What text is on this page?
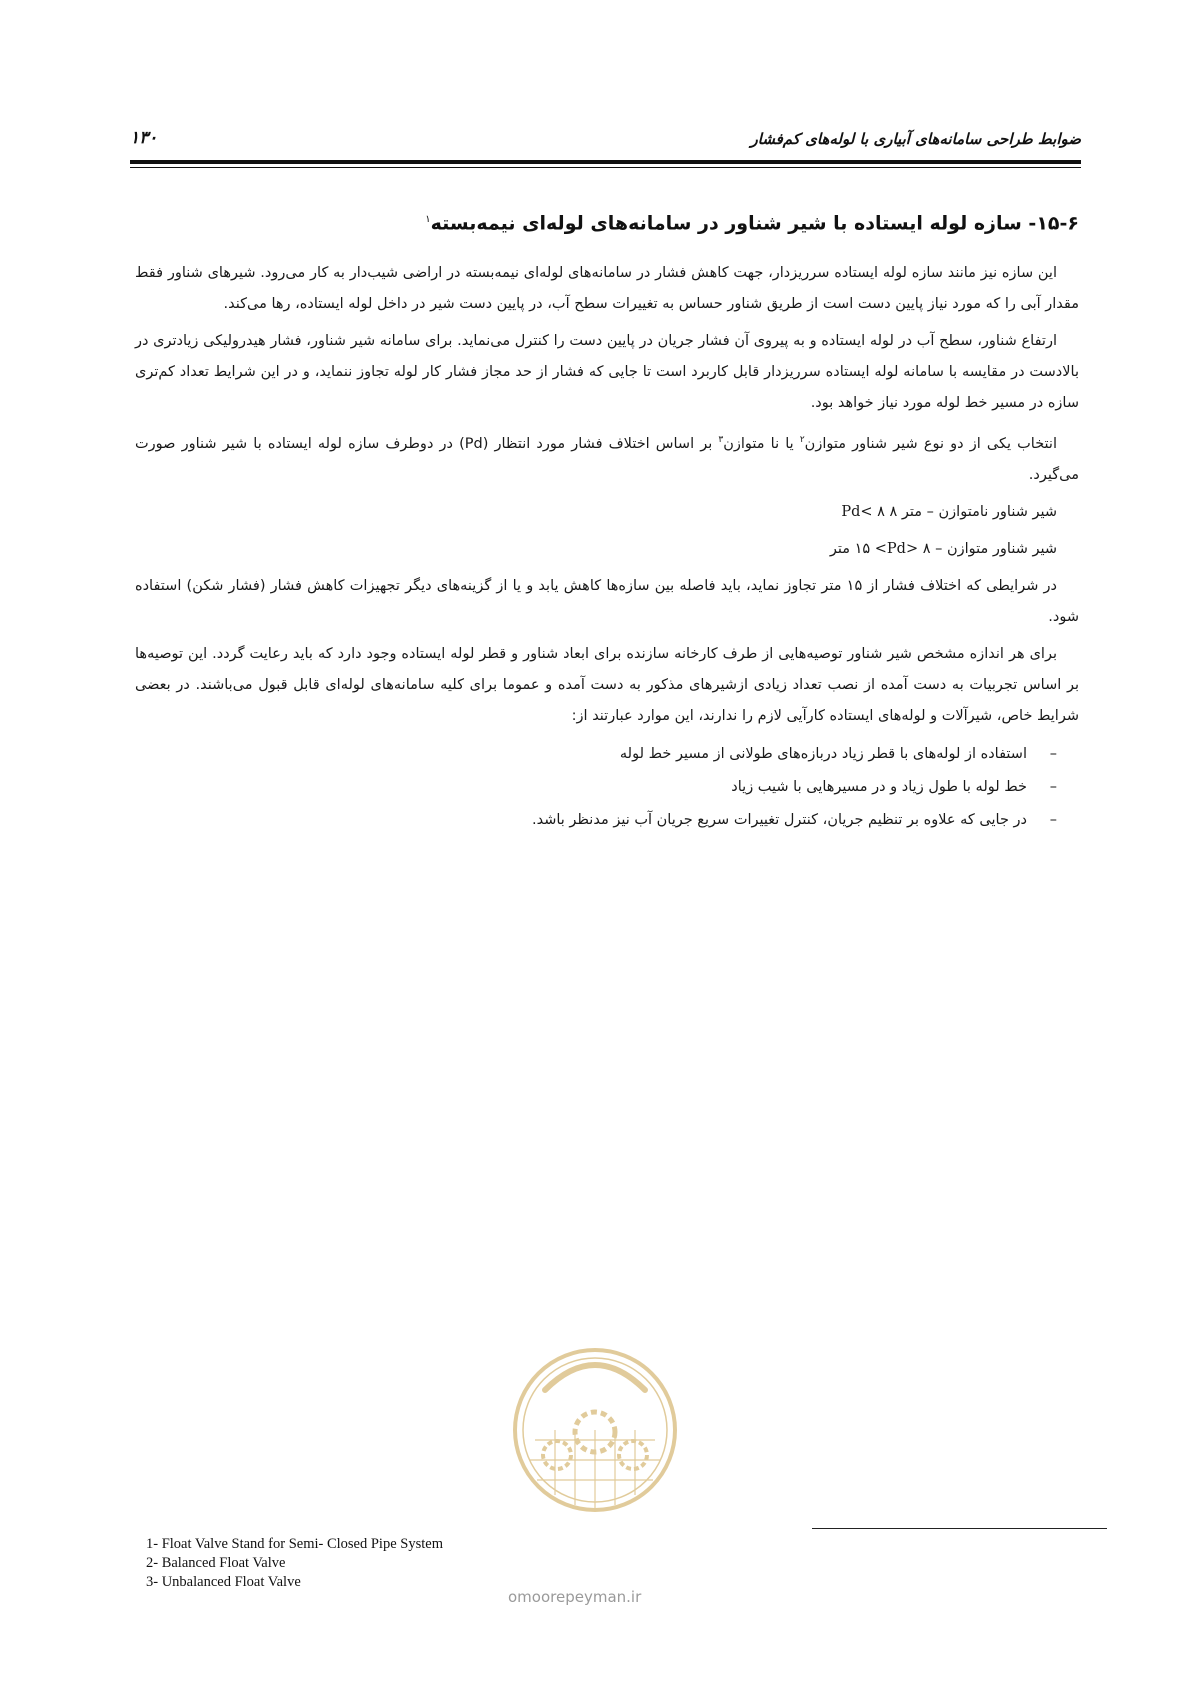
ضوابط طراحی سامانه‌های آبیاری با لوله‌های کم‌فشار
۱۳۰
۱۵-۶- سازه لوله ایستاده با شیر شناور در سامانه‌های لوله‌ای نیمه‌بسته$^۱$

این سازه نیز مانند سازه لوله ایستاده سرریزدار، جهت کاهش فشار در سامانه‌های لوله‌ای نیمه‌بسته در اراضی شیب‌دار به کار می‌رود. شیرهای شناور فقط مقدار آبی را که مورد نیاز پایین دست است از طریق شناور حساس به تغییرات سطح آب، در پایین دست شیر در داخل لوله ایستاده، رها می‌کند.

ارتفاع شناور، سطح آب در لوله ایستاده و به پیروی آن فشار جریان در پایین دست را کنترل می‌نماید. برای سامانه شیر شناور، فشار هیدرولیکی زیادتری در بالادست در مقایسه با سامانه لوله ایستاده سرریزدار قابل کاربرد است تا جایی که فشار از حد مجاز فشار کار لوله تجاوز ننماید، و در این شرایط تعداد کم‌تری سازه در مسیر خط لوله مورد نیاز خواهد بود.

انتخاب یکی از دو نوع شیر شناور متوازن$^۲$ یا نا متوازن$^۳$ بر اساس اختلاف فشار مورد انتظار (Pd) در دوطرف سازه لوله ایستاده با شیر شناور صورت می‌گیرد.

شیر شناور نامتوازن – متر ۸ Pd< ۸

شیر شناور متوازن – ۱۵ <Pd> ۸ متر

در شرایطی که اختلاف فشار از ۱۵ متر تجاوز نماید، باید فاصله بین سازه‌ها کاهش یابد و یا از گزینه‌های دیگر تجهیزات کاهش فشار (فشار شکن) استفاده شود.

برای هر اندازه مشخص شیر شناور توصیه‌هایی از طرف کارخانه سازنده برای ابعاد شناور و قطر لوله ایستاده وجود دارد که باید رعایت گردد. این توصیه‌ها بر اساس تجربیات به دست آمده از نصب تعداد زیادی ازشیرهای مذکور به دست آمده و عموما برای کلیه سامانه‌های لوله‌ای قابل قبول می‌باشند. در بعضی شرایط خاص، شیرآلات و لوله‌های ایستاده کارآیی لازم را ندارند، این موارد عبارتند از:

–استفاده از لوله‌های با قطر زیاد دربازه‌های طولانی از مسیر خط لوله
–خط لوله با طول زیاد و در مسیرهایی با شیب زیاد
–در جایی که علاوه بر تنظیم جریان، کنترل تغییرات سریع جریان آب نیز مدنظر باشد.
omoorepeyman.ir
1- Float Valve Stand for Semi- Closed Pipe System
2- Balanced Float Valve
3- Unbalanced Float Valve
